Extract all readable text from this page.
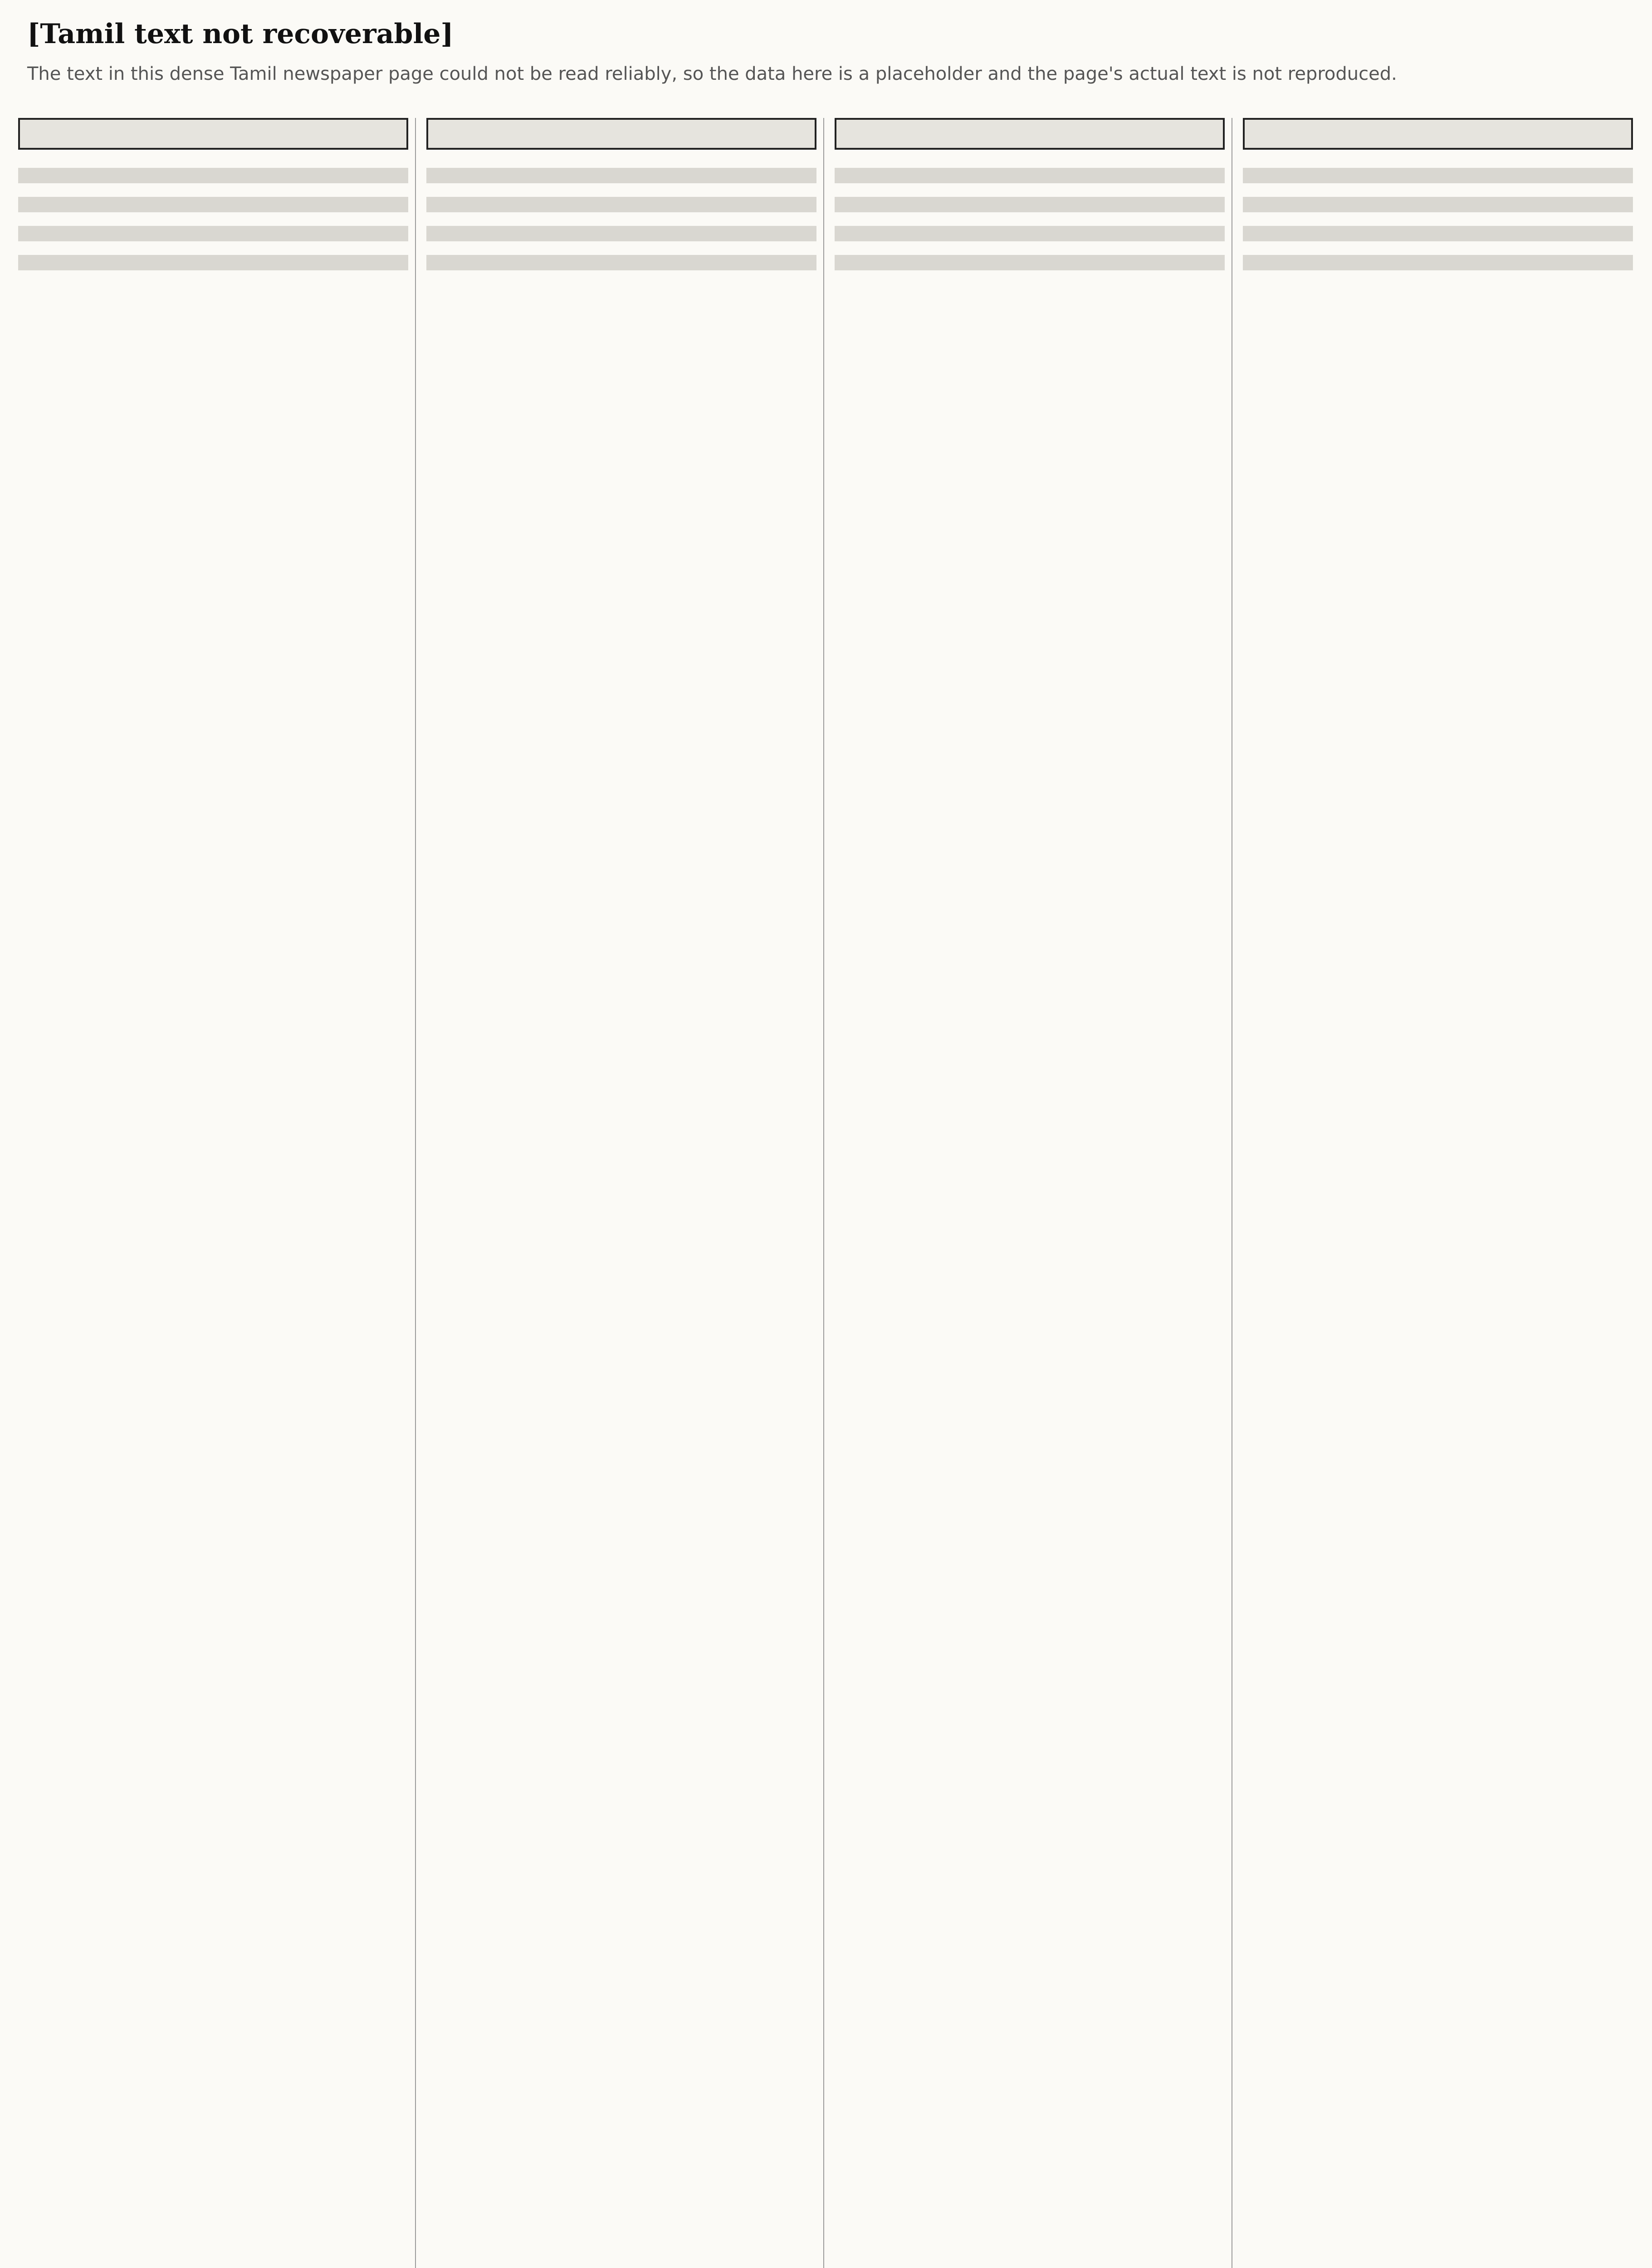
[Tamil text not recoverable]
The text in this dense Tamil newspaper page could not be read reliably, so the data here is a placeholder and the page's actual text is not reproduced.
